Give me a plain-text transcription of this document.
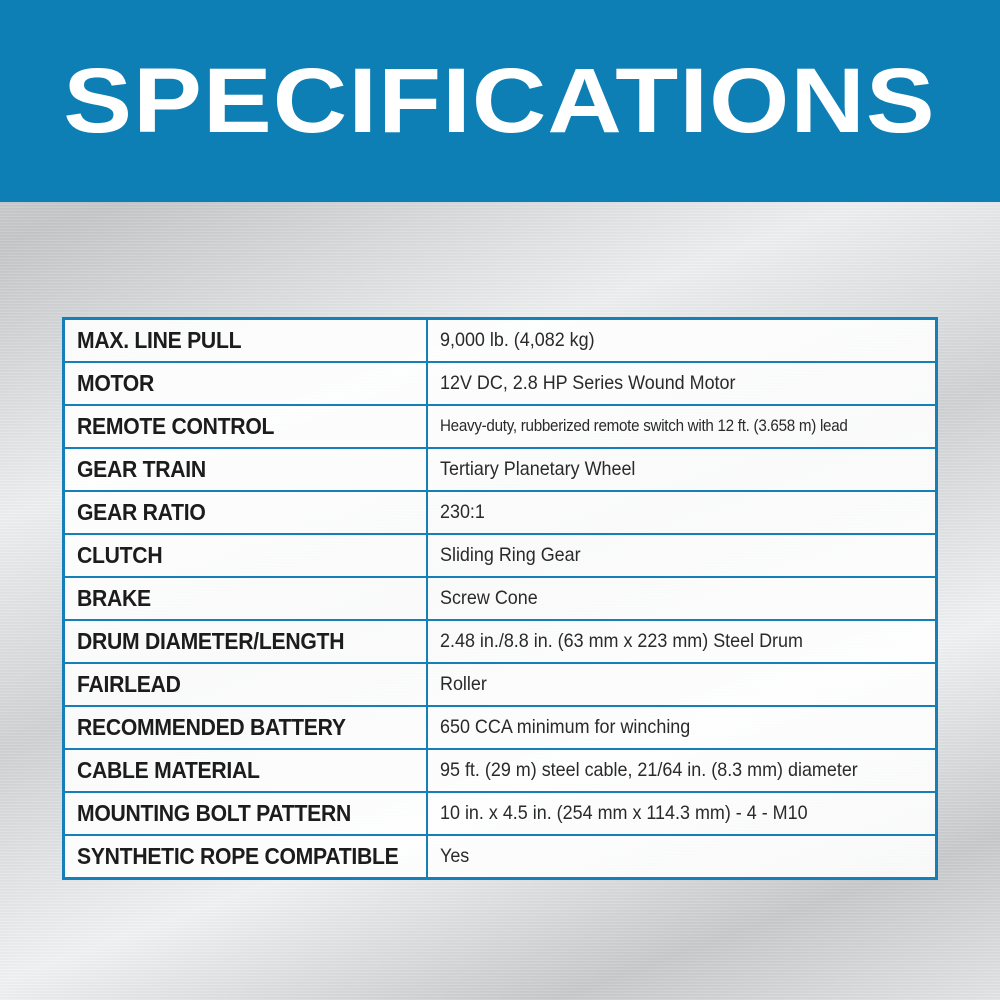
SPECIFICATIONS
MAX. LINE PULL	9,000 lb. (4,082 kg)
MOTOR	12V DC, 2.8 HP Series Wound Motor
REMOTE CONTROL	Heavy-duty, rubberized remote switch with 12 ft. (3.658 m) lead
GEAR TRAIN	Tertiary Planetary Wheel
GEAR RATIO	230:1
CLUTCH	Sliding Ring Gear
BRAKE	Screw Cone
DRUM DIAMETER/LENGTH	2.48 in./8.8 in. (63 mm x 223 mm) Steel Drum
FAIRLEAD	Roller
RECOMMENDED BATTERY	650 CCA minimum for winching
CABLE MATERIAL	95 ft. (29 m) steel cable, 21/64 in. (8.3 mm) diameter
MOUNTING BOLT PATTERN	10 in. x 4.5 in. (254 mm x 114.3 mm) - 4 - M10
SYNTHETIC ROPE COMPATIBLE	Yes
